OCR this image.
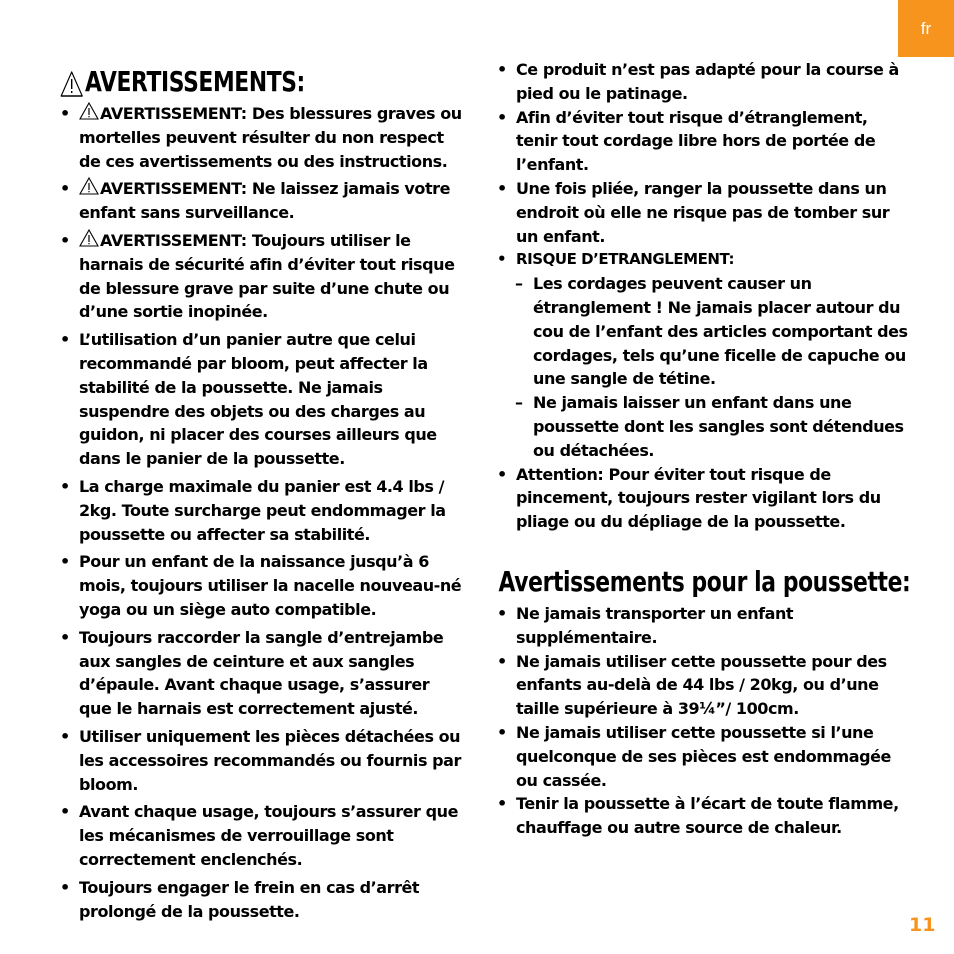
fr
AVERTISSEMENTS:
• AVERTISSEMENT: Des blessures graves ou mortelles peuvent résulter du non respect de ces avertissements ou des instructions.
• AVERTISSEMENT: Ne laissez jamais votre enfant sans surveillance.
• AVERTISSEMENT: Toujours utiliser le harnais de sécurité afin d’éviter tout risque de blessure grave par suite d’une chute ou d’une sortie inopinée.
• L’utilisation d’un panier autre que celui recommandé par bloom, peut affecter la stabilité de la poussette. Ne jamais suspendre des objets ou des charges au guidon, ni placer des courses ailleurs que dans le panier de la poussette.
• La charge maximale du panier est 4.4 lbs / 2kg. Toute surcharge peut endommager la poussette ou affecter sa stabilité.
• Pour un enfant de la naissance jusqu’à 6 mois, toujours utiliser la nacelle nouveau-né yoga ou un siège auto compatible.
• Toujours raccorder la sangle d’entrejambe aux sangles de ceinture et aux sangles d’épaule. Avant chaque usage, s’assurer que le harnais est correctement ajusté.
• Utiliser uniquement les pièces détachées ou les accessoires recommandés ou fournis par bloom.
• Avant chaque usage, toujours s’assurer que les mécanismes de verrouillage sont correctement enclenchés.
• Toujours engager le frein en cas d’arrêt prolongé de la poussette.
• Ce produit n’est pas adapté pour la course à pied ou le patinage.
• Afin d’éviter tout risque d’étranglement, tenir tout cordage libre hors de portée de l’enfant.
• Une fois pliée, ranger la poussette dans un endroit où elle ne risque pas de tomber sur un enfant.
• RISQUE D’ETRANGLEMENT:
– Les cordages peuvent causer un étranglement ! Ne jamais placer autour du cou de l’enfant des articles comportant des cordages, tels qu’une ficelle de capuche ou une sangle de tétine.
– Ne jamais laisser un enfant dans une poussette dont les sangles sont détendues ou détachées.
• Attention: Pour éviter tout risque de pincement, toujours rester vigilant lors du pliage ou du dépliage de la poussette.
Avertissements pour la poussette:
• Ne jamais transporter un enfant supplémentaire.
• Ne jamais utiliser cette poussette pour des enfants au-delà de 44 lbs / 20kg, ou d’une taille supérieure à 39¼”/ 100cm.
• Ne jamais utiliser cette poussette si l’une quelconque de ses pièces est endommagée ou cassée.
• Tenir la poussette à l’écart de toute flamme, chauffage ou autre source de chaleur.
11
